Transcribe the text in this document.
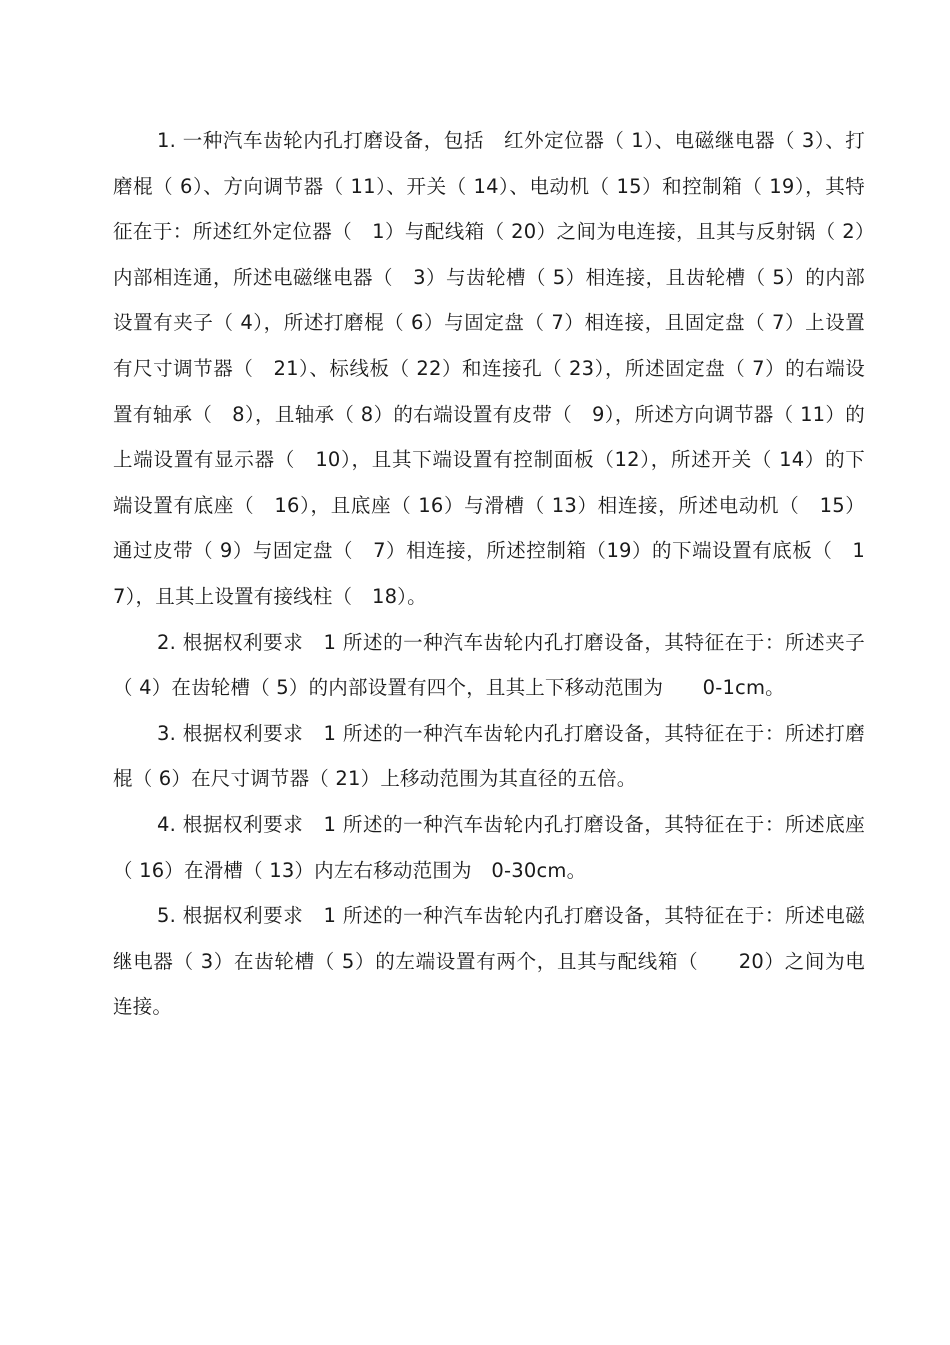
1. 一种汽车齿轮内孔打磨设备，包括　红外定位器（ 1）、电磁继电器（ 3）、打磨棍（ 6）、方向调节器（ 11）、开关（ 14）、电动机（ 15）和控制箱（ 19），其特征在于：所述红外定位器（　1）与配线箱（ 20）之间为电连接，且其与反射锅（ 2）内部相连通，所述电磁继电器（　3）与齿轮槽（ 5）相连接，且齿轮槽（ 5）的内部设置有夹子（ 4），所述打磨棍（ 6）与固定盘（ 7）相连接，且固定盘（ 7）上设置有尺寸调节器（　21）、标线板（ 22）和连接孔（ 23），所述固定盘（ 7）的右端设置有轴承（　8），且轴承（ 8）的右端设置有皮带（　9），所述方向调节器（ 11）的上端设置有显示器（　10），且其下端设置有控制面板（12），所述开关（ 14）的下端设置有底座（　16），且底座（ 16）与滑槽（ 13）相连接，所述电动机（　15）通过皮带（ 9）与固定盘（　7）相连接，所述控制箱（19）的下端设置有底板（　17），且其上设置有接线柱（　18）。

2. 根据权利要求　1 所述的一种汽车齿轮内孔打磨设备，其特征在于：所述夹子（ 4）在齿轮槽（ 5）的内部设置有四个，且其上下移动范围为　　0-1cm。

3. 根据权利要求　1 所述的一种汽车齿轮内孔打磨设备，其特征在于：所述打磨棍（ 6）在尺寸调节器（ 21）上移动范围为其直径的五倍。

4. 根据权利要求　1 所述的一种汽车齿轮内孔打磨设备，其特征在于：所述底座（ 16）在滑槽（ 13）内左右移动范围为　0-30cm。

5. 根据权利要求　1 所述的一种汽车齿轮内孔打磨设备，其特征在于：所述电磁继电器（ 3）在齿轮槽（ 5）的左端设置有两个，且其与配线箱（　　20）之间为电连接。
